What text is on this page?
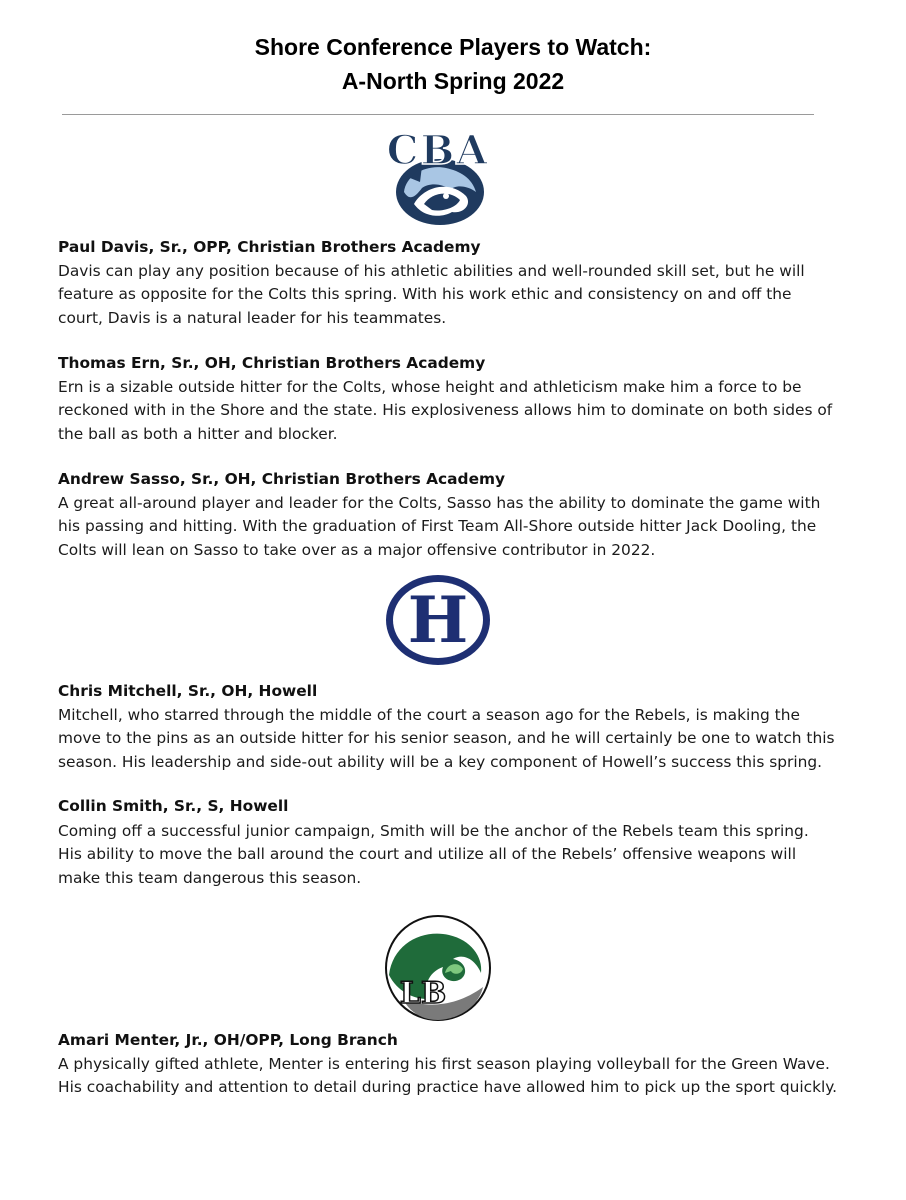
Shore Conference Players to Watch:
A-North Spring 2022
CBA
Paul Davis, Sr., OPP, Christian Brothers Academy
Davis can play any position because of his athletic abilities and well-rounded skill set, but he will
feature as opposite for the Colts this spring. With his work ethic and consistency on and off the
court, Davis is a natural leader for his teammates.
Thomas Ern, Sr., OH, Christian Brothers Academy
Ern is a sizable outside hitter for the Colts, whose height and athleticism make him a force to be
reckoned with in the Shore and the state. His explosiveness allows him to dominate on both sides of
the ball as both a hitter and blocker.
Andrew Sasso, Sr., OH, Christian Brothers Academy
A great all-around player and leader for the Colts, Sasso has the ability to dominate the game with
his passing and hitting. With the graduation of First Team All-Shore outside hitter Jack Dooling, the
Colts will lean on Sasso to take over as a major offensive contributor in 2022.
H
Chris Mitchell, Sr., OH, Howell
Mitchell, who starred through the middle of the court a season ago for the Rebels, is making the
move to the pins as an outside hitter for his senior season, and he will certainly be one to watch this
season. His leadership and side-out ability will be a key component of Howell’s success this spring.
Collin Smith, Sr., S, Howell
Coming off a successful junior campaign, Smith will be the anchor of the Rebels team this spring.
His ability to move the ball around the court and utilize all of the Rebels’ offensive weapons will
make this team dangerous this season.
LB
Amari Menter, Jr., OH/OPP, Long Branch
A physically gifted athlete, Menter is entering his first season playing volleyball for the Green Wave.
His coachability and attention to detail during practice have allowed him to pick up the sport quickly.
